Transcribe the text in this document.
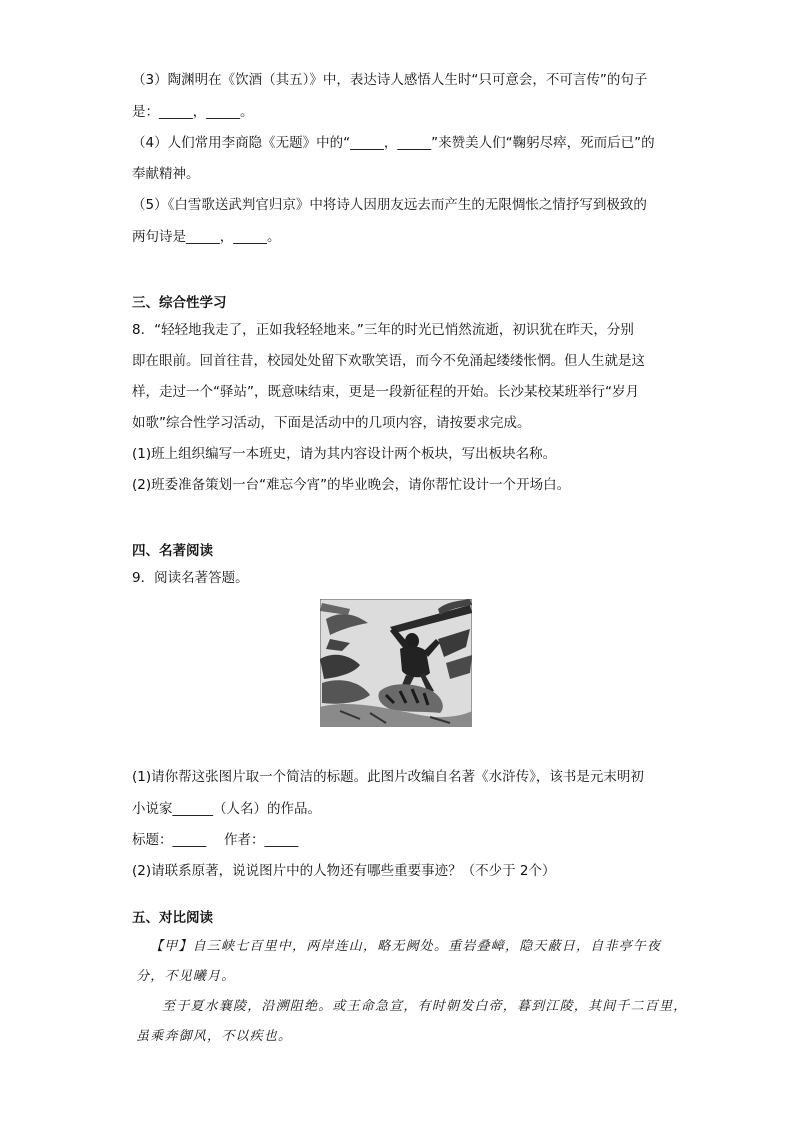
（3）陶渊明在《饮酒（其五）》中，表达诗人感悟人生时“只可意会，不可言传”的句子
是：_____，_____。
（4）人们常用李商隐《无题》中的“_____，_____”来赞美人们“鞠躬尽瘁，死而后已”的
奉献精神。
（5）《白雪歌送武判官归京》中将诗人因朋友远去而产生的无限惆怅之情抒写到极致的
两句诗是_____，_____。
三、综合性学习
8．“轻轻地我走了，正如我轻轻地来。”三年的时光已悄然流逝，初识犹在昨天，分别
即在眼前。回首往昔，校园处处留下欢歌笑语，而今不免涌起缕缕怅惘。但人生就是这
样，走过一个“驿站”，既意味结束，更是一段新征程的开始。长沙某校某班举行“岁月
如歌”综合性学习活动，下面是活动中的几项内容，请按要求完成。
(1)班上组织编写一本班史，请为其内容设计两个板块，写出板块名称。
(2)班委准备策划一台“难忘今宵”的毕业晚会，请你帮忙设计一个开场白。
四、名著阅读
9．阅读名著答题。
(1)请你帮这张图片取一个简洁的标题。此图片改编自名著《水浒传》，该书是元末明初
小说家______（人名）的作品。
标题：_____ 　作者：_____
(2)请联系原著，说说图片中的人物还有哪些重要事迹？（不少于 2个）
五、对比阅读
【甲】自三峡七百里中，两岸连山，略无阙处。重岩叠嶂，隐天蔽日，自非亭午夜
分，不见曦月。
至于夏水襄陵，沿溯阻绝。或王命急宣，有时朝发白帝，暮到江陵，其间千二百里，
虽乘奔御风，不以疾也。
